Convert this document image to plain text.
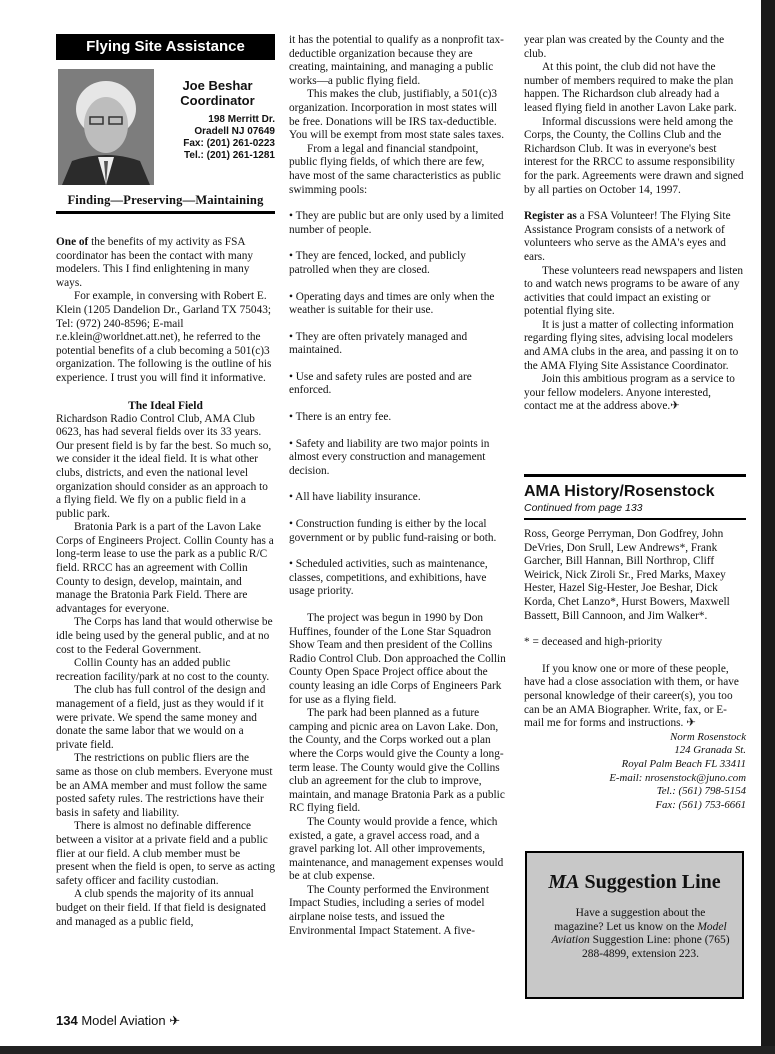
Flying Site Assistance
Joe Beshar
Coordinator
198 Merritt Dr.
Oradell NJ 07649
Fax: (201) 261-0223
Tel.: (201) 261-1281
Finding—Preserving—Maintaining

One of the benefits of my activity as FSA coordinator has been the contact with many modelers. This I find enlightening in many ways.

For example, in conversing with Robert E. Klein (1205 Dandelion Dr., Garland TX 75043; Tel: (972) 240-8596; E-mail r.e.klein@worldnet.att.net), he referred to the potential benefits of a club becoming a 501(c)3 organization. The following is the outline of his experience. I trust you will find it informative.

The Ideal Field

Richardson Radio Control Club, AMA Club 0623, has had several fields over its 33 years. Our present field is by far the best. So much so, we consider it the ideal field. It is what other clubs, districts, and even the national level organization should consider as an approach to a flying field. We fly on a public field in a public park.

Bratonia Park is a part of the Lavon Lake Corps of Engineers Project. Collin County has a long-term lease to use the park as a public R/C field. RRCC has an agreement with Collin County to design, develop, maintain, and manage the Bratonia Park Field. There are advantages for everyone.

The Corps has land that would otherwise be idle being used by the general public, and at no cost to the Federal Government.

Collin County has an added public recreation facility/park at no cost to the county.

The club has full control of the design and management of a field, just as they would if it were private. We spend the same money and donate the same labor that we would on a private field.

The restrictions on public fliers are the same as those on club members. Everyone must be an AMA member and must follow the same posted safety rules. The restrictions have their basis in safety and liability.

There is almost no definable difference between a visitor at a private field and a public flier at our field. A club member must be present when the field is open, to serve as acting safety officer and facility custodian.

A club spends the majority of its annual budget on their field. If that field is designated and managed as a public field,

it has the potential to qualify as a nonprofit tax-deductible organization because they are creating, maintaining, and managing a public works—a public flying field.

This makes the club, justifiably, a 501(c)3 organization. Incorporation in most states will be free. Donations will be IRS tax-deductible. You will be exempt from most state sales taxes.

From a legal and financial standpoint, public flying fields, of which there are few, have most of the same characteristics as public swimming pools:

• They are public but are only used by a limited number of people.

• They are fenced, locked, and publicly patrolled when they are closed.

• Operating days and times are only when the weather is suitable for their use.

• They are often privately managed and maintained.

• Use and safety rules are posted and are enforced.

• There is an entry fee.

• Safety and liability are two major points in almost every construction and management decision.

• All have liability insurance.

• Construction funding is either by the local government or by public fund-raising or both.

• Scheduled activities, such as maintenance, classes, competitions, and exhibitions, have usage priority.

The project was begun in 1990 by Don Huffines, founder of the Lone Star Squadron Show Team and then president of the Collins Radio Control Club. Don approached the Collin County Open Space Project office about the county leasing an idle Corps of Engineers Park for use as a flying field.

The park had been planned as a future camping and picnic area on Lavon Lake. Don, the County, and the Corps worked out a plan where the Corps would give the County a long-term lease. The County would give the Collins club an agreement for the club to improve, maintain, and manage Bratonia Park as a public RC flying field.

The County would provide a fence, which existed, a gate, a gravel access road, and a gravel parking lot. All other improvements, maintenance, and management expenses would be at club expense.

The County performed the Environment Impact Studies, including a series of model airplane noise tests, and issued the Environmental Impact Statement. A five-

year plan was created by the County and the club.

At this point, the club did not have the number of members required to make the plan happen. The Richardson club already had a leased flying field in another Lavon Lake park.

Informal discussions were held among the Corps, the County, the Collins Club and the Richardson Club. It was in everyone's best interest for the RRCC to assume responsibility for the park. Agreements were drawn and signed by all parties on October 14, 1997.

Register as a FSA Volunteer! The Flying Site Assistance Program consists of a network of volunteers who serve as the AMA's eyes and ears.

These volunteers read newspapers and listen to and watch news programs to be aware of any activities that could impact an existing or potential flying site.

It is just a matter of collecting information regarding flying sites, advising local modelers and AMA clubs in the area, and passing it on to the AMA Flying Site Assistance Coordinator.

Join this ambitious program as a service to your fellow modelers. Anyone interested, contact me at the address above.✈

AMA History/Rosenstock
Continued from page 133

Ross, George Perryman, Don Godfrey, John DeVries, Don Srull, Lew Andrews*, Frank Garcher, Bill Hannan, Bill Northrop, Cliff Weirick, Nick Ziroli Sr., Fred Marks, Maxey Hester, Hazel Sig-Hester, Joe Beshar, Dick Korda, Chet Lanzo*, Hurst Bowers, Maxwell Bassett, Bill Cannoon, and Jim Walker*.

* = deceased and high-priority

If you know one or more of these people, have had a close association with them, or have personal knowledge of their career(s), you too can be an AMA Biographer. Write, fax, or E-mail me for forms and instructions. ✈

Norm Rosenstock

124 Granada St.

Royal Palm Beach FL 33411

E-mail: nrosenstock@juno.com

Tel.: (561) 798-5154

Fax: (561) 753-6661

MA Suggestion Line
Have a suggestion about the magazine? Let us know on the Model Aviation Suggestion Line: phone (765) 288-4899, extension 223.
134 Model Aviation ✈
